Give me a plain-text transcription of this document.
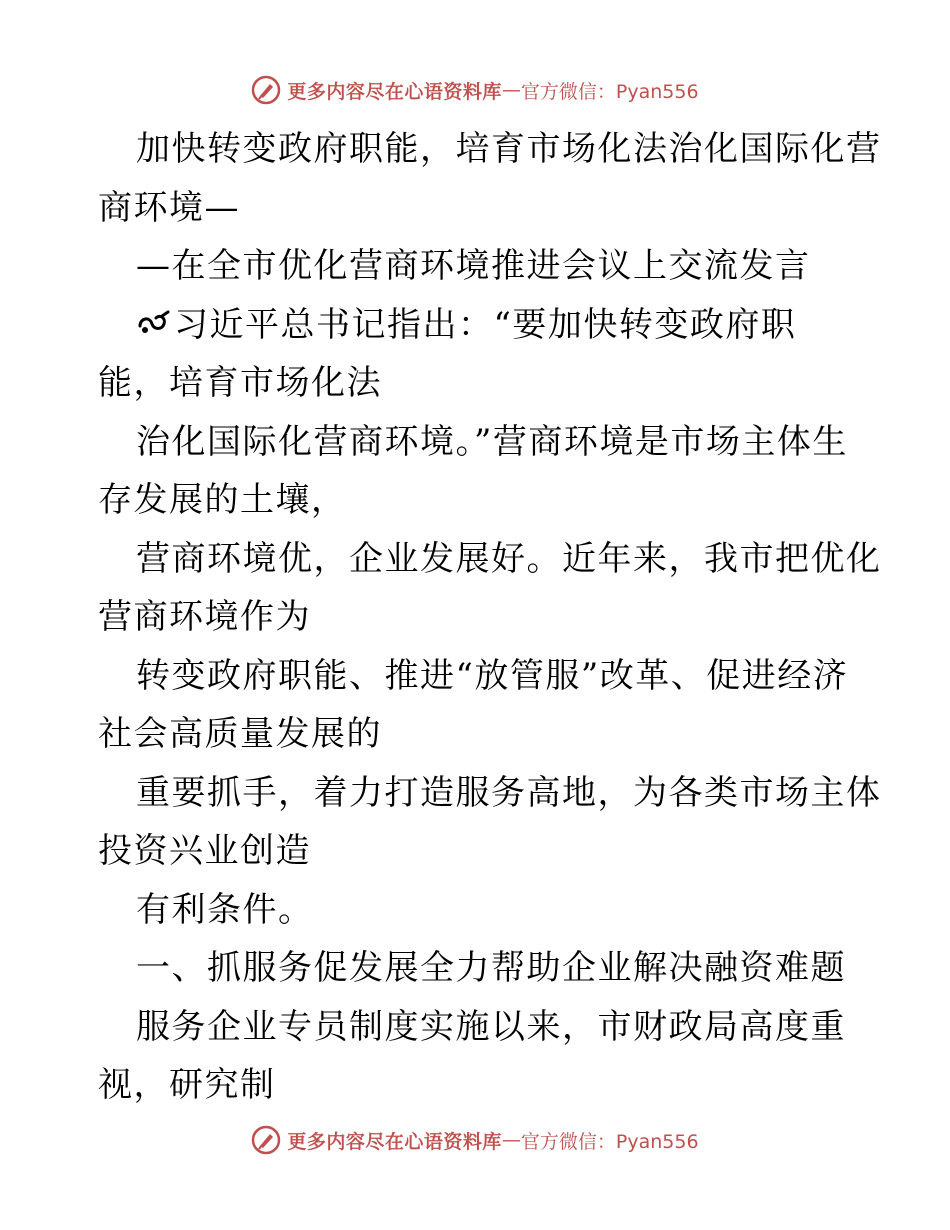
更多内容尽在心语资料库 — 官方微信：Pyan556
加快转变政府职能，培育市场化法治化国际化营
商环境—
—在全市优化营商环境推进会议上交流发言
习近平总书记指出：“要加快转变政府职
能，培育市场化法
治化国际化营商环境。”营商环境是市场主体生
存发展的土壤，
营商环境优，企业发展好。近年来，我市把优化
营商环境作为
转变政府职能、推进“放管服”改革、促进经济
社会高质量发展的
重要抓手，着力打造服务高地，为各类市场主体
投资兴业创造
有利条件。
一、抓服务促发展全力帮助企业解决融资难题
服务企业专员制度实施以来，市财政局高度重
视，研究制
更多内容尽在心语资料库 — 官方微信：Pyan556
